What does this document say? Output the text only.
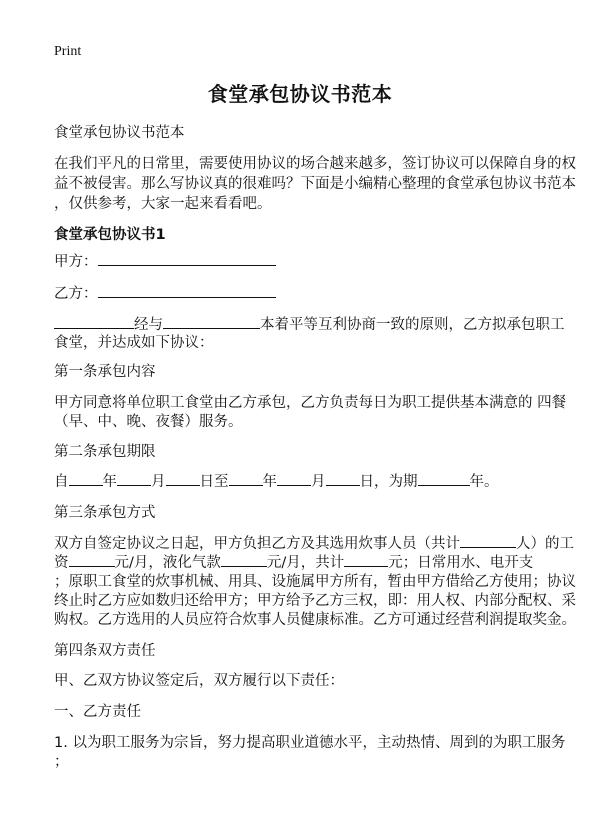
Print
食堂承包协议书范本
食堂承包协议书范本
在我们平凡的日常里，需要使用协议的场合越来越多，签订协议可以保障自身的权
益不被侵害。那么写协议真的很难吗？下面是小编精心整理的食堂承包协议书范本
，仅供参考，大家一起来看看吧。
食堂承包协议书1
甲方：
乙方：
经与	本着平等互利协商一致的原则，乙方拟承包职工
食堂，并达成如下协议：
第一条承包内容
甲方同意将单位职工食堂由乙方承包，乙方负责每日为职工提供基本满意的 四餐
（早、中、晚、夜餐）服务。
第二条承包期限
自 年 月 日至 年 月 日，为期	年。
第三条承包方式
双方自签定协议之日起，甲方负担乙方及其选用炊事人员（共计	人）的工
资	元/月，液化气款	元/月，共计	元；日常用水、电开支
；原职工食堂的炊事机械、用具、设施属甲方所有，暂由甲方借给乙方使用；协议
终止时乙方应如数归还给甲方；甲方给予乙方三权，即：用人权、内部分配权、采
购权。乙方选用的人员应符合炊事人员健康标准。乙方可通过经营利润提取奖金。
第四条双方责任
甲、乙双方协议签定后，双方履行以下责任：
一、乙方责任
1. 以为职工服务为宗旨，努力提高职业道德水平，主动热情、周到的为职工服务
；
